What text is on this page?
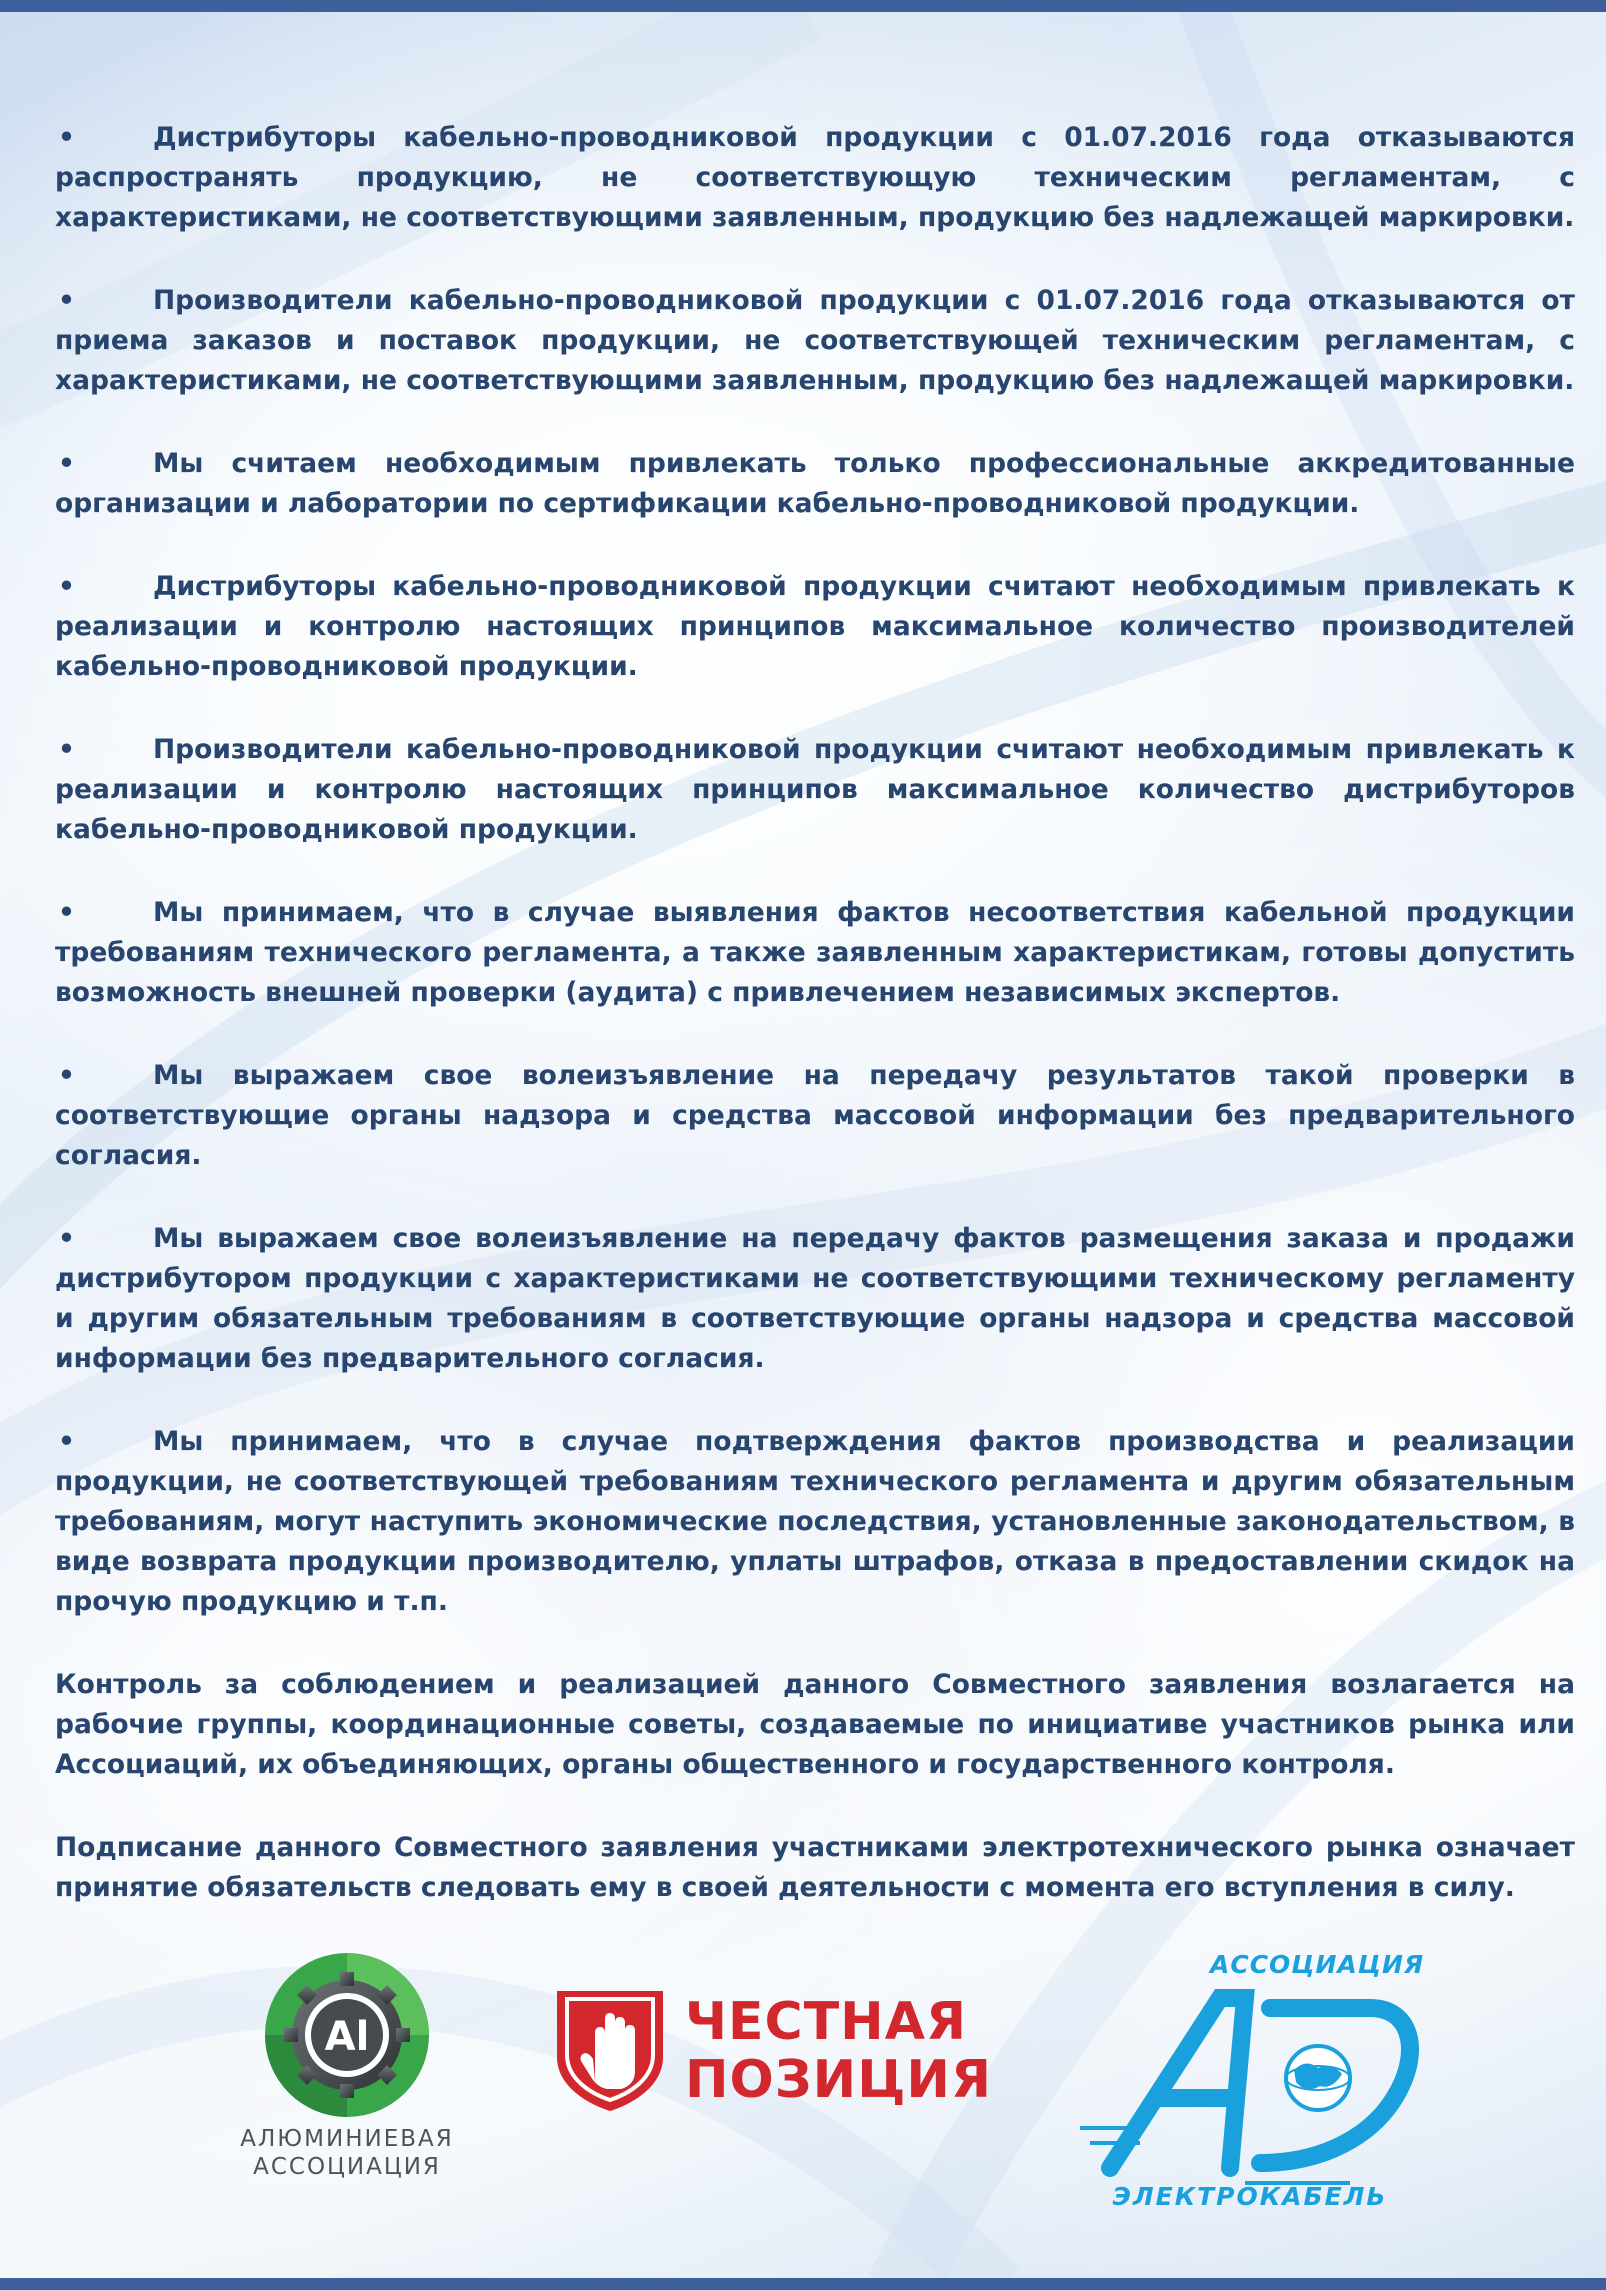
•	Дистрибуторы кабельно-проводниковой продукции с 01.07.2016 года отказываются распространять продукцию, не соответствующую техническим регламентам, с характеристиками, не соответствующими заявленным, продукцию без надлежащей маркировки.
•	Производители кабельно-проводниковой продукции с 01.07.2016 года отказываются от приема заказов и поставок продукции, не соответствующей техническим регламентам, с характеристиками, не соответствующими заявленным, продукцию без надлежащей маркировки.
•	Мы считаем необходимым привлекать только профессиональные аккредитованные организации и лаборатории по сертификации кабельно-проводниковой продукции.
•	Дистрибуторы кабельно-проводниковой продукции считают необходимым привлекать к реализации и контролю настоящих принципов максимальное количество производителей кабельно-проводниковой продукции.
•	Производители кабельно-проводниковой продукции считают необходимым привлекать к реализации и контролю настоящих принципов максимальное количество дистрибуторов кабельно-проводниковой продукции.
•	Мы принимаем, что в случае выявления фактов несоответствия кабельной продукции требованиям технического регламента, а также заявленным характеристикам, готовы допустить возможность внешней проверки (аудита) с привлечением независимых экспертов.
•	Мы выражаем свое волеизъявление на передачу результатов такой проверки в соответствующие органы надзора и средства массовой информации без предварительного согласия.
•	Мы выражаем свое волеизъявление на передачу фактов размещения заказа и продажи дистрибутором продукции с характеристиками не соответствующими техническому регламенту и другим обязательным требованиям в соответствующие органы надзора и средства массовой информации без предварительного согласия.
•	Мы принимаем, что в случае подтверждения фактов производства и реализации продукции, не соответствующей требованиям технического регламента и другим обязательным требованиям, могут наступить экономические последствия, установленные законодательством, в виде возврата продукции производителю, уплаты штрафов, отказа в предоставлении скидок на прочую продукцию и т.п.
Контроль за соблюдением и реализацией данного Совместного заявления возлагается на рабочие группы, координационные советы, создаваемые по инициативе участников рынка или Ассоциаций, их объединяющих, органы общественного и государственного контроля.
Подписание данного Совместного заявления участниками электротехнического рынка означает принятие обязательств следовать ему в своей деятельности с момента его вступления в силу.
Al
АЛЮМИНИЕВАЯ
АССОЦИАЦИЯ
ЧЕСТНАЯ
ПОЗИЦИЯ
АССОЦИАЦИЯ
ЭЛЕКТРОКАБЕЛЬ
